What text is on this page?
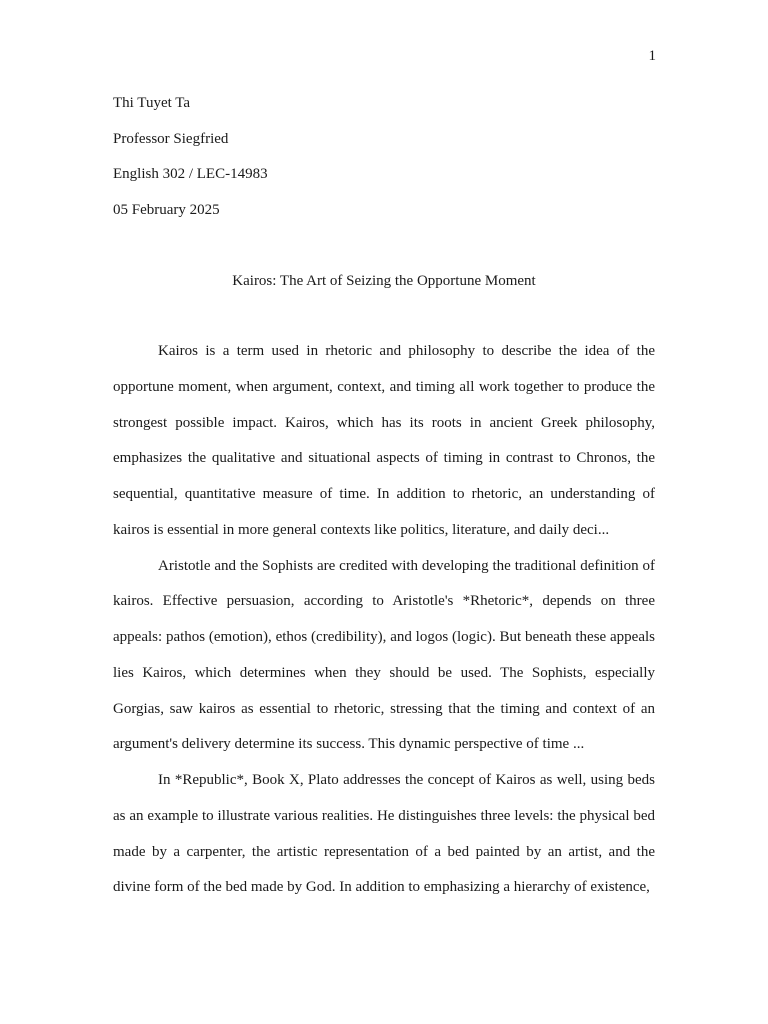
1
Thi Tuyet Ta
Professor Siegfried
English 302 / LEC-14983
05 February 2025
Kairos: The Art of Seizing the Opportune Moment

Kairos is a term used in rhetoric and philosophy to describe the idea of the opportune moment, when argument, context, and timing all work together to produce the strongest possible impact. Kairos, which has its roots in ancient Greek philosophy, emphasizes the qualitative and situational aspects of timing in contrast to Chronos, the sequential, quantitative measure of time. In addition to rhetoric, an understanding of kairos is essential in more general contexts like politics, literature, and daily deci...

Aristotle and the Sophists are credited with developing the traditional definition of kairos. Effective persuasion, according to Aristotle's *Rhetoric*, depends on three appeals: pathos (emotion), ethos (credibility), and logos (logic). But beneath these appeals lies Kairos, which determines when they should be used. The Sophists, especially Gorgias, saw kairos as essential to rhetoric, stressing that the timing and context of an argument's delivery determine its success. This dynamic perspective of time ...

In *Republic*, Book X, Plato addresses the concept of Kairos as well, using beds as an example to illustrate various realities. He distinguishes three levels: the physical bed made by a carpenter, the artistic representation of a bed painted by an artist, and the divine form of the bed made by God. In addition to emphasizing a hierarchy of existence,
